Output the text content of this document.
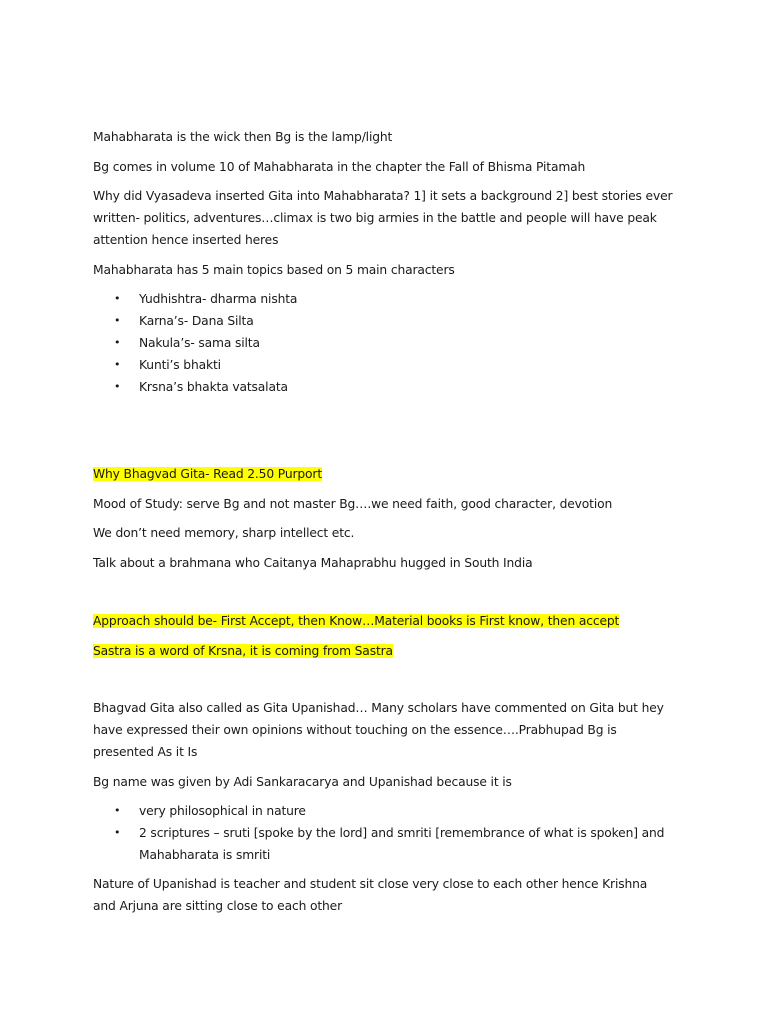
Mahabharata is the wick then Bg is the lamp/light

Bg comes in volume 10 of Mahabharata in the chapter the Fall of Bhisma Pitamah

Why did Vyasadeva inserted Gita into Mahabharata? 1] it sets a background 2] best stories ever written- politics, adventures…climax is two big armies in the battle and people will have peak attention hence inserted heres

Mahabharata has 5 main topics based on 5 main characters

• Yudhishtra- dharma nishta
• Karna’s- Dana Silta
• Nakula’s- sama silta
• Kunti’s bhakti
• Krsna’s bhakta vatsalata

Why Bhagvad Gita- Read 2.50 Purport

Mood of Study: serve Bg and not master Bg….we need faith, good character, devotion

We don’t need memory, sharp intellect etc.

Talk about a brahmana who Caitanya Mahaprabhu hugged in South India

Approach should be- First Accept, then Know…Material books is First know, then accept

Sastra is a word of Krsna, it is coming from Sastra

Bhagvad Gita also called as Gita Upanishad… Many scholars have commented on Gita but hey have expressed their own opinions without touching on the essence….Prabhupad Bg is presented As it Is

Bg name was given by Adi Sankaracarya and Upanishad because it is

• very philosophical in nature
• 2 scriptures – sruti [spoke by the lord] and smriti [remembrance of what is spoken] and Mahabharata is smriti

Nature of Upanishad is teacher and student sit close very close to each other hence Krishna and Arjuna are sitting close to each other
